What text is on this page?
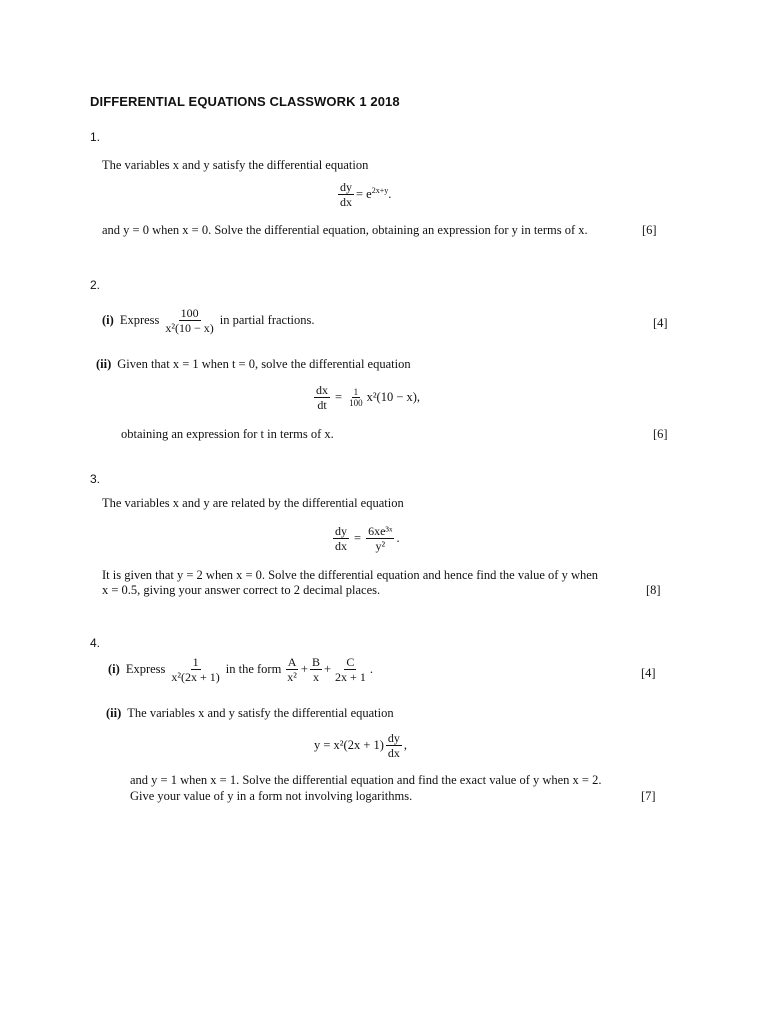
DIFFERENTIAL EQUATIONS CLASSWORK 1 2018
1.
The variables x and y satisfy the differential equation
$\frac{dy}{dx} = e^{2x+y}$ .
and y = 0 when x = 0. Solve the differential equation, obtaining an expression for y in terms of x.	[6]
2.
(i) Express $\frac{100}{\text{x²(10 − x)}}$ in partial fractions.	[4]
(ii) Given that x = 1 when t = 0, solve the differential equation
$\frac{dx}{dt} = \frac{1}{100} x^2(10 - x)$,
obtaining an expression for t in terms of x.	[6]
3.
The variables x and y are related by the differential equation
$\frac{dy}{dx} = \frac{\text{6xe³ˣ}}{\text{y²}}$ .
It is given that y = 2 when x = 0. Solve the differential equation and hence find the value of y when
x = 0.5, giving your answer correct to 2 decimal places.	[8]
4.
(i) Express $\frac{1}{\text{x²(2x + 1)}}$ in the form $\frac{A}{\text{x²}} + \frac{B}{x} + \frac{C}{2x + 1}$ .	[4]
(ii) The variables x and y satisfy the differential equation
$y = x^2(2x + 1) \frac{dy}{dx}$ ,
and y = 1 when x = 1. Solve the differential equation and find the exact value of y when x = 2.
Give your value of y in a form not involving logarithms.	[7]
